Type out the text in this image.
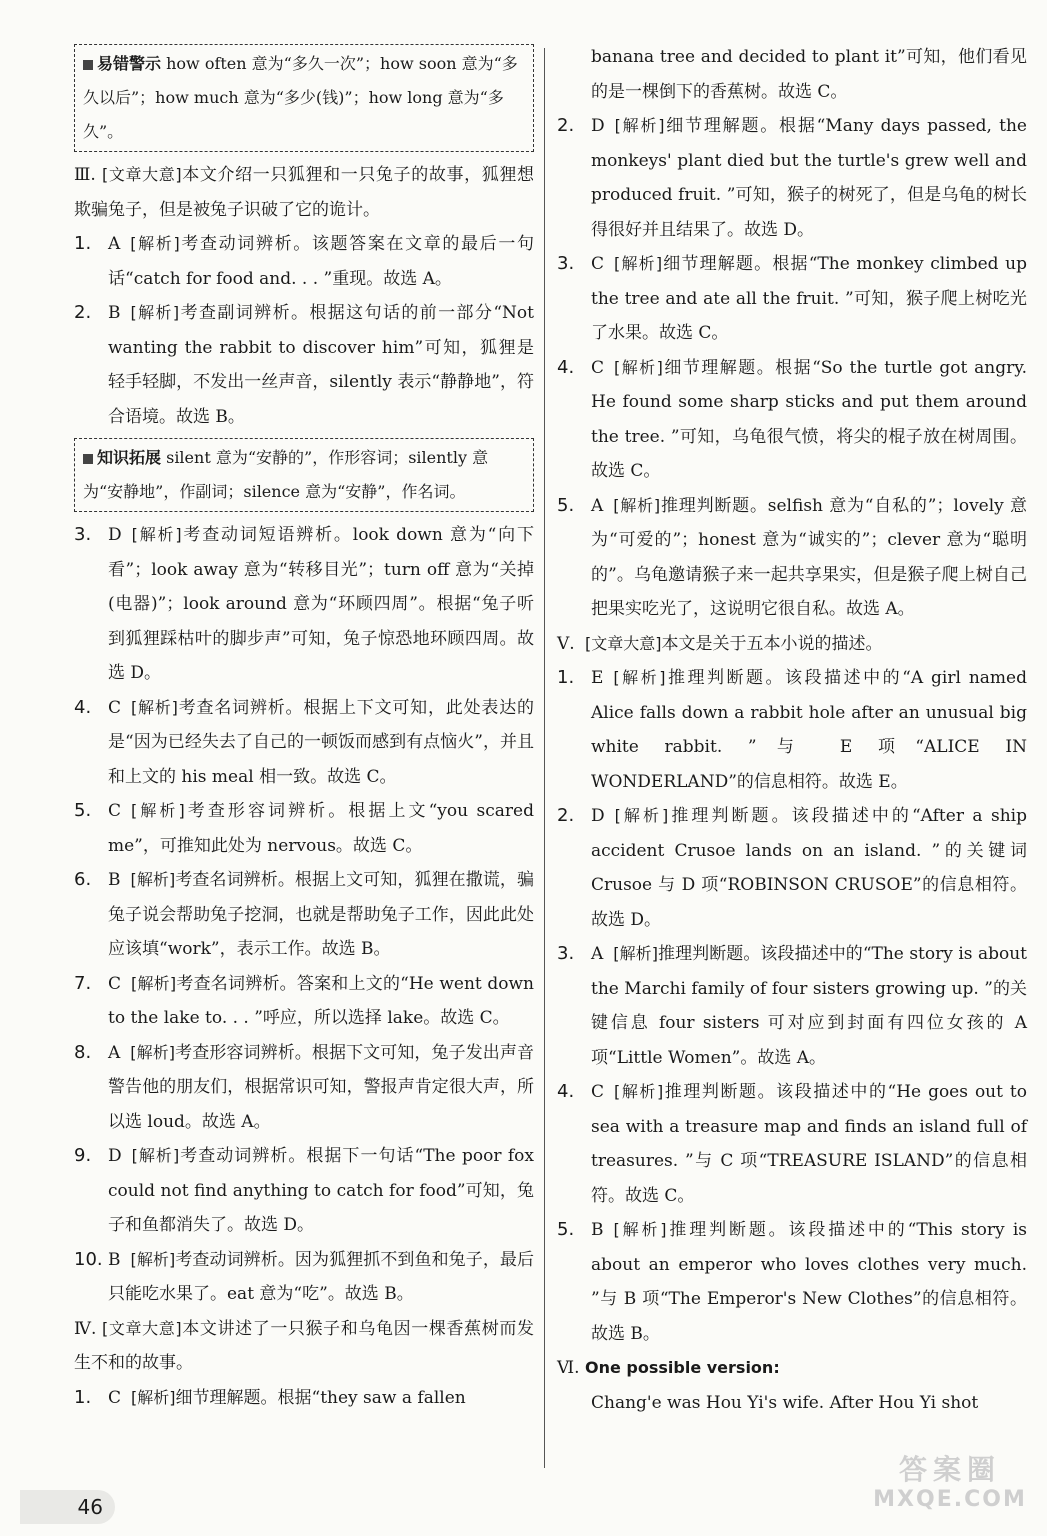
易错警示 how often 意为“多久一次”；how soon 意为“多久以后”；how much 意为“多少(钱)”；how long 意为“多久”。

Ⅲ. [文章大意]本文介绍一只狐狸和一只兔子的故事，狐狸想欺骗兔子，但是被兔子识破了它的诡计。

1. A [解析]考查动词辨析。该题答案在文章的最后一句话“catch for food and. . . ”重现。故选 A。

2. B [解析]考查副词辨析。根据这句话的前一部分“Not wanting the rabbit to discover him”可知，狐狸是轻手轻脚，不发出一丝声音，silently 表示“静静地”，符合语境。故选 B。

知识拓展 silent 意为“安静的”，作形容词；silently 意为“安静地”，作副词；silence 意为“安静”，作名词。

3. D [解析]考查动词短语辨析。look down 意为“向下看”；look away 意为“转移目光”；turn off 意为“关掉(电器)”；look around 意为“环顾四周”。根据“兔子听到狐狸踩枯叶的脚步声”可知，兔子惊恐地环顾四周。故选 D。

4. C [解析]考查名词辨析。根据上下文可知，此处表达的是“因为已经失去了自己的一顿饭而感到有点恼火”，并且和上文的 his meal 相一致。故选 C。

5. C [解析]考查形容词辨析。根据上文“you scared me”，可推知此处为 nervous。故选 C。

6. B [解析]考查名词辨析。根据上文可知，狐狸在撒谎，骗兔子说会帮助兔子挖洞，也就是帮助兔子工作，因此此处应该填“work”，表示工作。故选 B。

7. C [解析]考查名词辨析。答案和上文的“He went down to the lake to. . . ”呼应，所以选择 lake。故选 C。

8. A [解析]考查形容词辨析。根据下文可知，兔子发出声音警告他的朋友们，根据常识可知，警报声肯定很大声，所以选 loud。故选 A。

9. D [解析]考查动词辨析。根据下一句话“The poor fox could not find anything to catch for food”可知，兔子和鱼都消失了。故选 D。

10. B [解析]考查动词辨析。因为狐狸抓不到鱼和兔子，最后只能吃水果了。eat 意为“吃”。故选 B。

Ⅳ. [文章大意]本文讲述了一只猴子和乌龟因一棵香蕉树而发生不和的故事。

1. C [解析]细节理解题。根据“they saw a fallen

banana tree and decided to plant it”可知，他们看见的是一棵倒下的香蕉树。故选 C。

2. D [解析]细节理解题。根据“Many days passed, the monkeys' plant died but the turtle's grew well and produced fruit. ”可知，猴子的树死了，但是乌龟的树长得很好并且结果了。故选 D。

3. C [解析]细节理解题。根据“The monkey climbed up the tree and ate all the fruit. ”可知，猴子爬上树吃光了水果。故选 C。

4. C [解析]细节理解题。根据“So the turtle got angry. He found some sharp sticks and put them around the tree. ”可知，乌龟很气愤，将尖的棍子放在树周围。故选 C。

5. A [解析]推理判断题。selfish 意为“自私的”；lovely 意为“可爱的”；honest 意为“诚实的”；clever 意为“聪明的”。乌龟邀请猴子来一起共享果实，但是猴子爬上树自己把果实吃光了，这说明它很自私。故选 A。

Ⅴ. [文章大意]本文是关于五本小说的描述。

1. E [解析]推理判断题。该段描述中的“A girl named Alice falls down a rabbit hole after an unusual big white rabbit. ”与 E 项“ALICE IN WONDERLAND”的信息相符。故选 E。

2. D [解析]推理判断题。该段描述中的“After a ship accident Crusoe lands on an island. ”的关键词 Crusoe 与 D 项“ROBINSON CRUSOE”的信息相符。故选 D。

3. A [解析]推理判断题。该段描述中的“The story is about the Marchi family of four sisters growing up. ”的关键信息 four sisters 可对应到封面有四位女孩的 A 项“Little Women”。故选 A。

4. C [解析]推理判断题。该段描述中的“He goes out to sea with a treasure map and finds an island full of treasures. ”与 C 项“TREASURE ISLAND”的信息相符。故选 C。

5. B [解析]推理判断题。该段描述中的“This story is about an emperor who loves clothes very much. ”与 B 项“The Emperor's New Clothes”的信息相符。故选 B。

Ⅵ. One possible version:

Chang'e was Hou Yi's wife. After Hou Yi shot

46
答案圈
MXQE.COM
